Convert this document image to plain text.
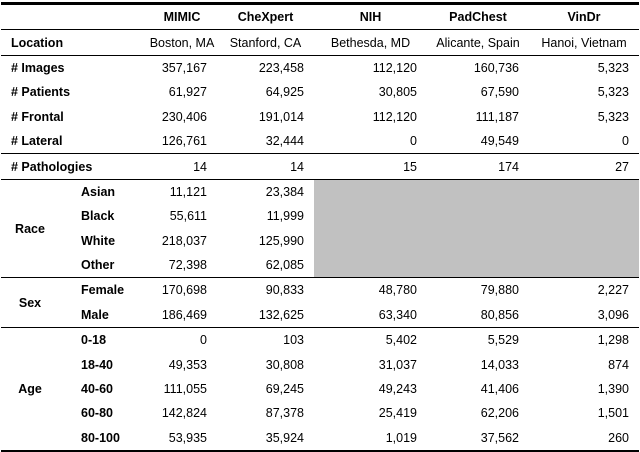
		MIMIC	CheXpert	NIH	PadChest	VinDr
Location		Boston, MA	Stanford, CA	Bethesda, MD	Alicante, Spain	Hanoi, Vietnam
# Images		357,167	223,458	112,120	160,736	5,323
# Patients		61,927	64,925	30,805	67,590	5,323
# Frontal		230,406	191,014	112,120	111,187	5,323
# Lateral		126,761	32,444	0	49,549	0
# Pathologies		14	14	15	174	27
Race	Asian	11,121	23,384			
	Black	55,611	11,999			
	White	218,037	125,990			
	Other	72,398	62,085			
Sex	Female	170,698	90,833	48,780	79,880	2,227
	Male	186,469	132,625	63,340	80,856	3,096
Age	0-18	0	103	5,402	5,529	1,298
	18-40	49,353	30,808	31,037	14,033	874
	40-60	111,055	69,245	49,243	41,406	1,390
	60-80	142,824	87,378	25,419	62,206	1,501
	80-100	53,935	35,924	1,019	37,562	260
